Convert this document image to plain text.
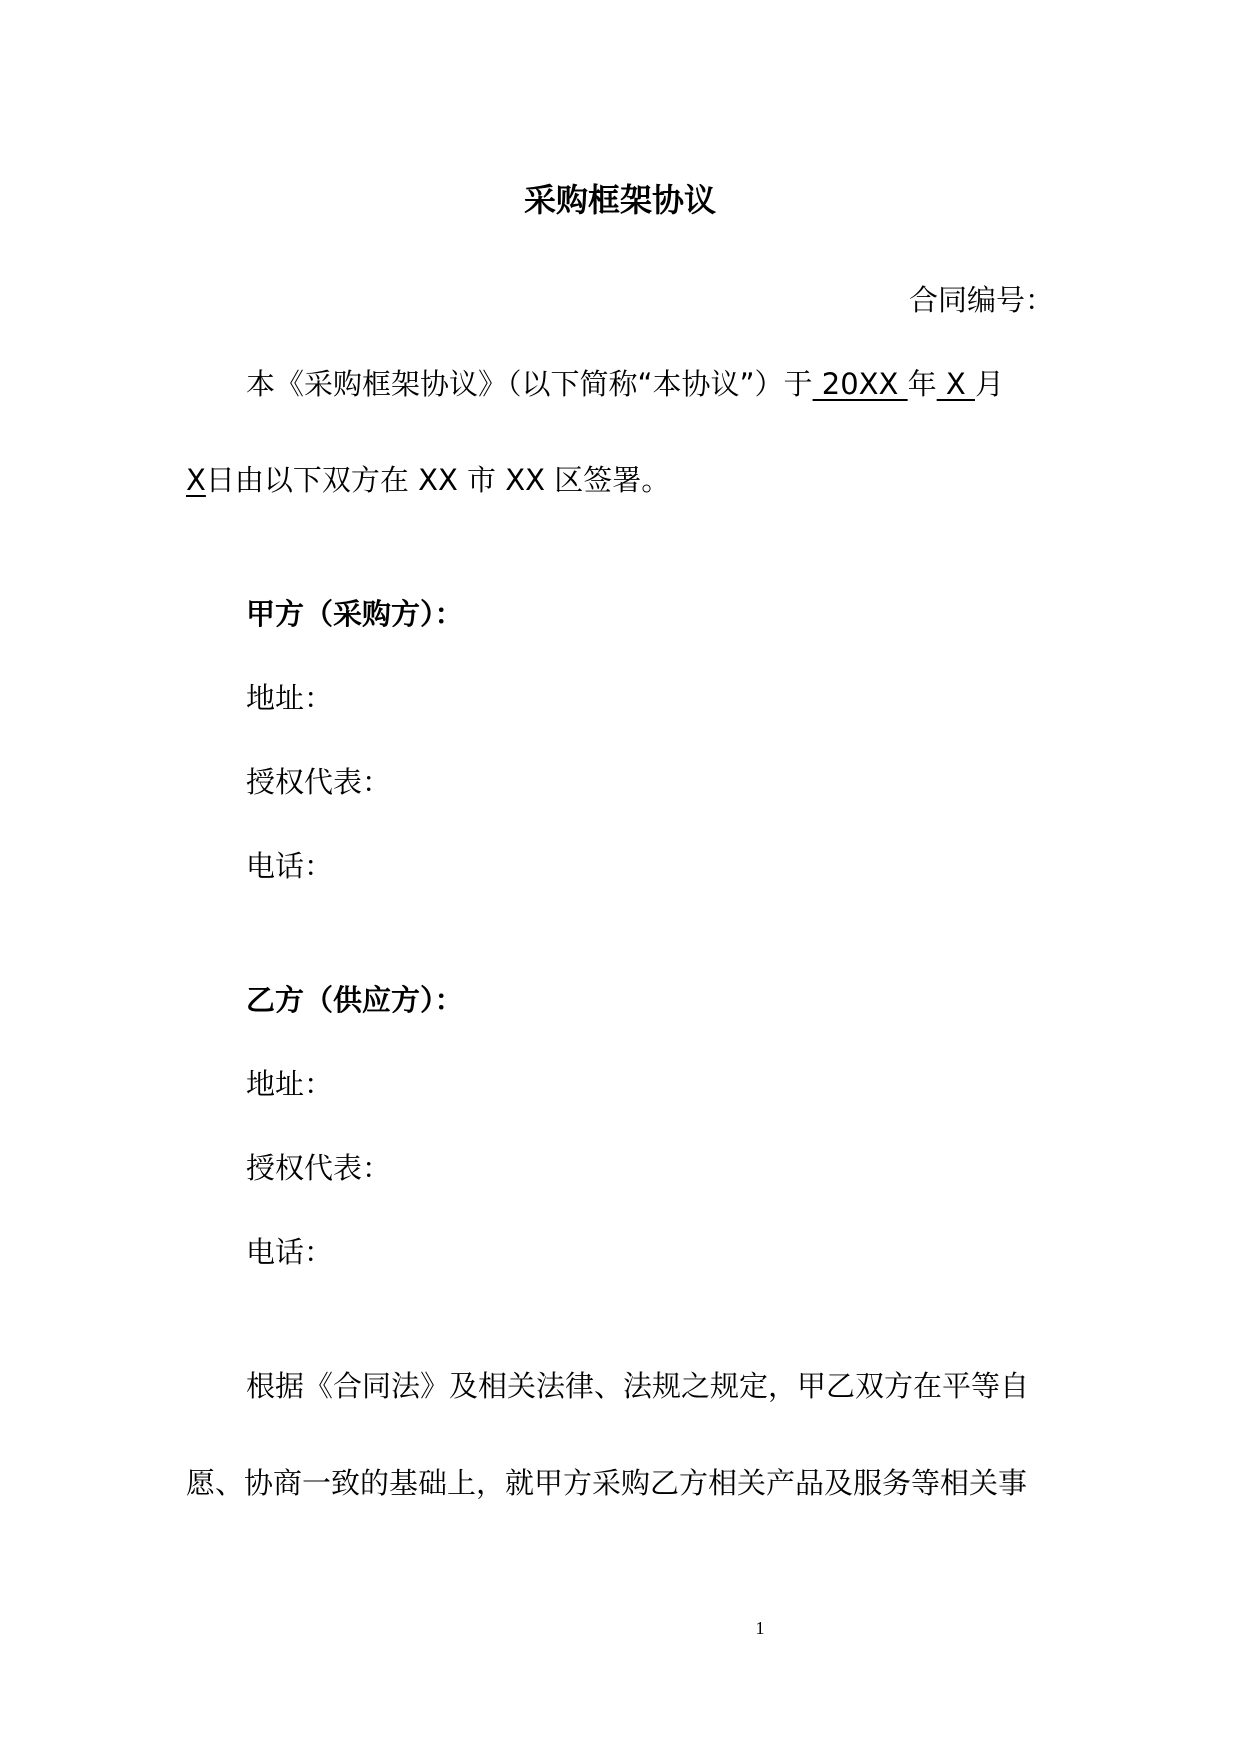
采购框架协议
合同编号：
本《采购框架协议》（以下简称“本协议”）于 20XX 年 X 月
X日由以下双方在 XX 市 XX 区签署。
甲方（采购方）：
地址：
授权代表：
电话：
乙方（供应方）：
地址：
授权代表：
电话：
根据《合同法》及相关法律、法规之规定，甲乙双方在平等自
愿、协商一致的基础上，就甲方采购乙方相关产品及服务等相关事
1
